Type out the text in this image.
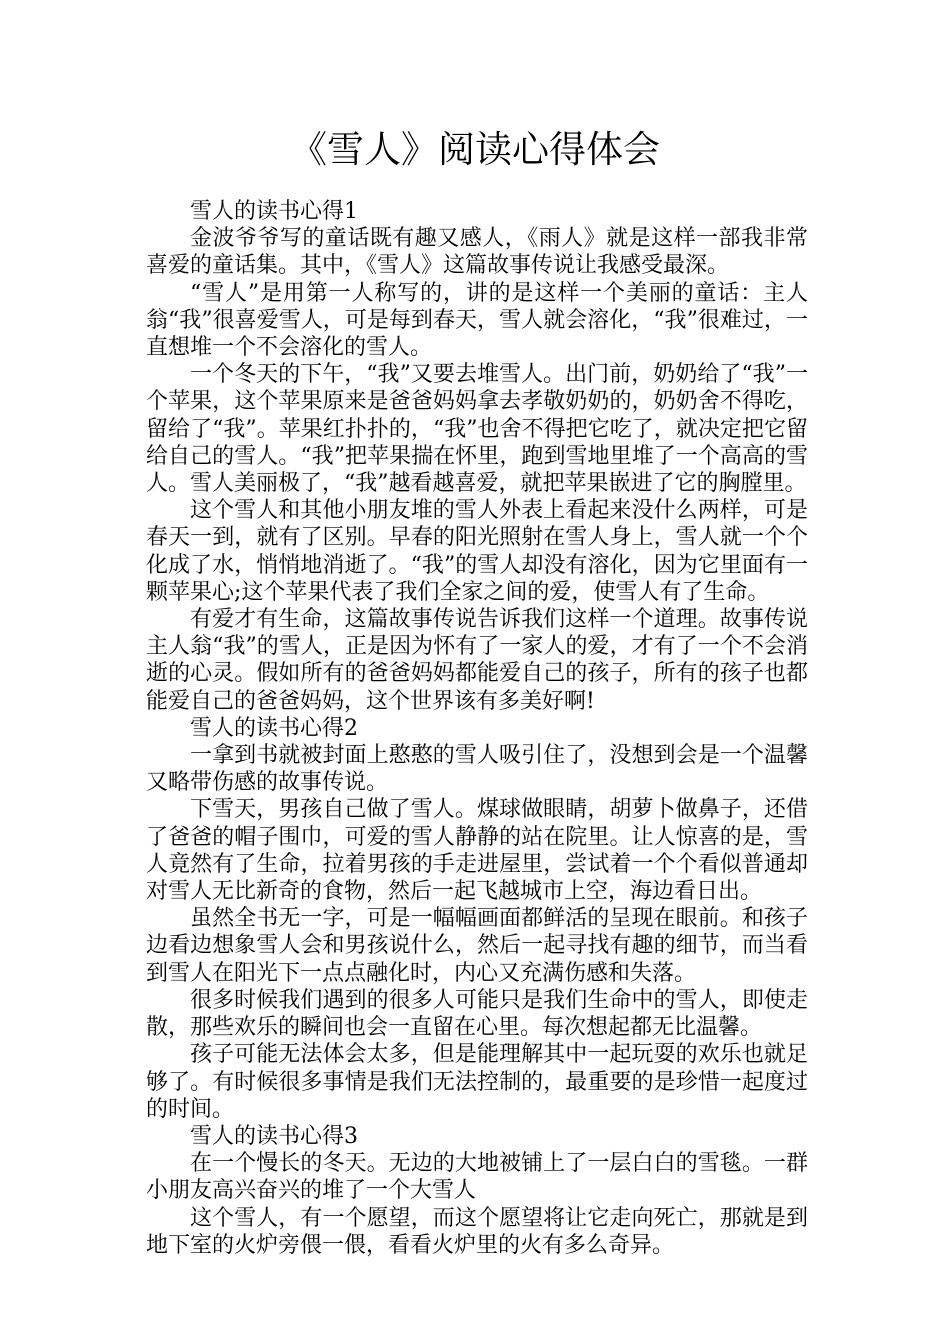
《雪人》阅读心得体会

雪人的读书心得1

金波爷爷写的童话既有趣又感人，《雨人》就是这样一部我非常喜爱的童话集。其中，《雪人》这篇故事传说让我感受最深。

“雪人”是用第一人称写的，讲的是这样一个美丽的童话：主人翁“我”很喜爱雪人，可是每到春天，雪人就会溶化，“我”很难过，一直想堆一个不会溶化的雪人。

一个冬天的下午，“我”又要去堆雪人。出门前，奶奶给了“我”一个苹果，这个苹果原来是爸爸妈妈拿去孝敬奶奶的，奶奶舍不得吃，留给了“我”。苹果红扑扑的，“我”也舍不得把它吃了，就决定把它留给自己的雪人。“我”把苹果揣在怀里，跑到雪地里堆了一个高高的雪人。雪人美丽极了，“我”越看越喜爱，就把苹果嵌进了它的胸膛里。

这个雪人和其他小朋友堆的雪人外表上看起来没什么两样，可是春天一到，就有了区别。早春的阳光照射在雪人身上，雪人就一个个化成了水，悄悄地消逝了。“我”的雪人却没有溶化，因为它里面有一颗苹果心;这个苹果代表了我们全家之间的爱，使雪人有了生命。

有爱才有生命，这篇故事传说告诉我们这样一个道理。故事传说主人翁“我”的雪人，正是因为怀有了一家人的爱，才有了一个不会消逝的心灵。假如所有的爸爸妈妈都能爱自己的孩子，所有的孩子也都能爱自己的爸爸妈妈，这个世界该有多美好啊!

雪人的读书心得2

一拿到书就被封面上憨憨的雪人吸引住了，没想到会是一个温馨又略带伤感的故事传说。

下雪天，男孩自己做了雪人。煤球做眼睛，胡萝卜做鼻子，还借了爸爸的帽子围巾，可爱的雪人静静的站在院里。让人惊喜的是，雪人竟然有了生命，拉着男孩的手走进屋里，尝试着一个个看似普通却对雪人无比新奇的食物，然后一起飞越城市上空，海边看日出。

虽然全书无一字，可是一幅幅画面都鲜活的呈现在眼前。和孩子边看边想象雪人会和男孩说什么，然后一起寻找有趣的细节，而当看到雪人在阳光下一点点融化时，内心又充满伤感和失落。

很多时候我们遇到的很多人可能只是我们生命中的雪人，即使走散，那些欢乐的瞬间也会一直留在心里。每次想起都无比温馨。

孩子可能无法体会太多，但是能理解其中一起玩耍的欢乐也就足够了。有时候很多事情是我们无法控制的，最重要的是珍惜一起度过的时间。

雪人的读书心得3

在一个慢长的冬天。无边的大地被铺上了一层白白的雪毯。一群小朋友高兴奋兴的堆了一个大雪人

这个雪人，有一个愿望，而这个愿望将让它走向死亡，那就是到地下室的火炉旁偎一偎，看看火炉里的火有多么奇异。
